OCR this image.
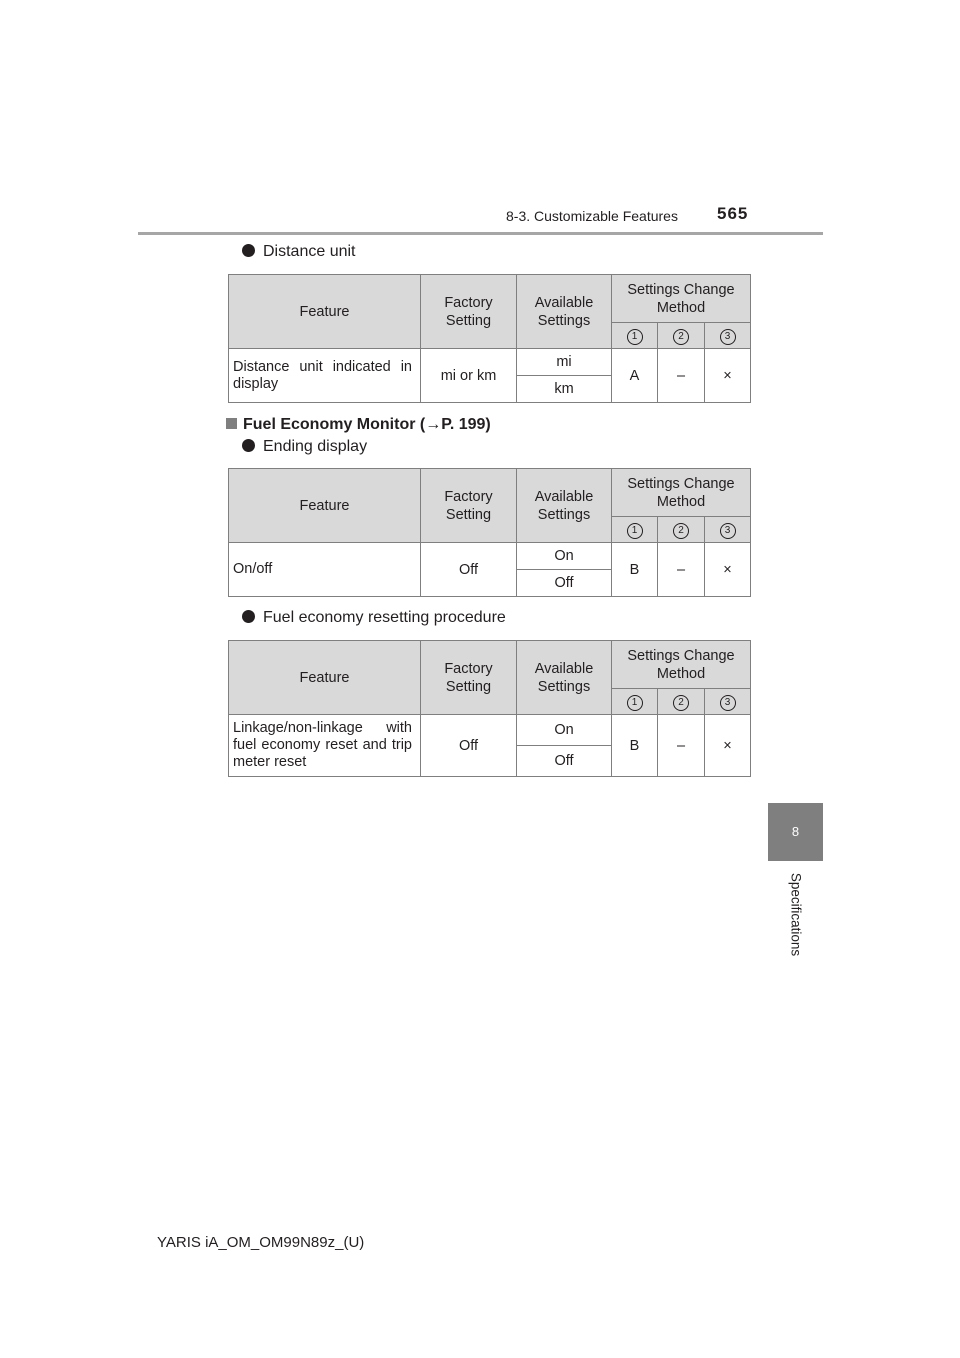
8-3. Customizable Features 565
Distance unit
Feature	Factory Setting	Available Settings	Settings Change Method		
			1	2	3
Distance unit indicated in display	mi or km	mi	A	–	×
		km			
Fuel Economy Monitor (→P. 199)
Ending display
Feature	Factory Setting	Available Settings	Settings Change Method		
			1	2	3
On/off	Off	On	B	–	×
		Off			
Fuel economy resetting procedure
Feature	Factory Setting	Available Settings	Settings Change Method		
			1	2	3
Linkage/non-linkage with fuel economy reset and trip meter reset	Off	On	B	–	×
		Off			
8
Specifications
YARIS iA_OM_OM99N89z_(U)
